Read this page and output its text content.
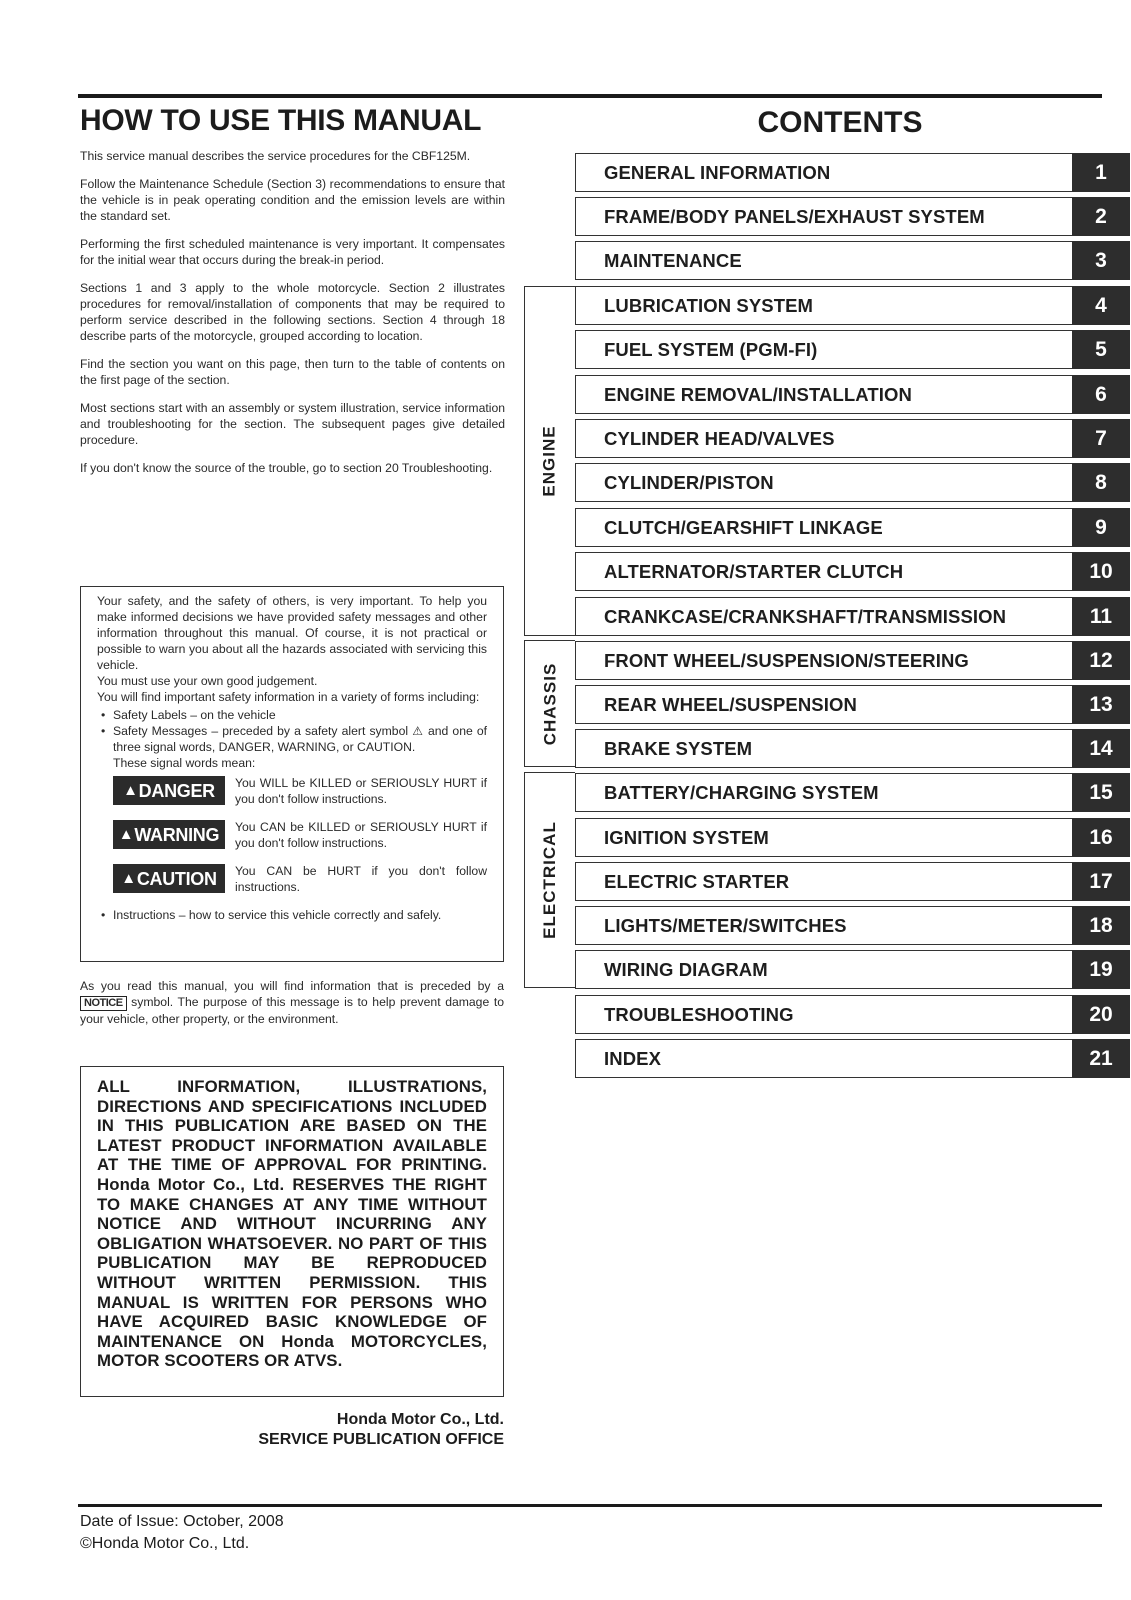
HOW TO USE THIS MANUAL

This service manual describes the service procedures for the CBF125M.

Follow the Maintenance Schedule (Section 3) recommendations to ensure that the vehicle is in peak operating condition and the emission levels are within the standard set.

Performing the first scheduled maintenance is very important. It compensates for the initial wear that occurs during the break-in period.

Sections 1 and 3 apply to the whole motorcycle. Section 2 illustrates procedures for removal/installation of components that may be required to perform service described in the following sections. Section 4 through 18 describe parts of the motorcycle, grouped according to location.

Find the section you want on this page, then turn to the table of contents on the first page of the section.

Most sections start with an assembly or system illustration, service information and troubleshooting for the section. The subsequent pages give detailed procedure.

If you don't know the source of the trouble, go to section 20 Troubleshooting.

Your safety, and the safety of others, is very important. To help you make informed decisions we have provided safety messages and other information throughout this manual. Of course, it is not practical or possible to warn you about all the hazards associated with servicing this vehicle.
You must use your own good judgement.
You will find important safety information in a variety of forms including:
• Safety Labels – on the vehicle
• Safety Messages – preceded by a safety alert symbol ⚠ and one of three signal words, DANGER, WARNING, or CAUTION.
These signal words mean:
▲ DANGER You WILL be KILLED or SERIOUSLY HURT if you don't follow instructions.
▲ WARNING You CAN be KILLED or SERIOUSLY HURT if you don't follow instructions.
▲ CAUTION You CAN be HURT if you don't follow instructions.
• Instructions – how to service this vehicle correctly and safely.
As you read this manual, you will find information that is preceded by a NOTICE symbol. The purpose of this message is to help prevent damage to your vehicle, other property, or the environment.

ALL INFORMATION, ILLUSTRATIONS, DIRECTIONS AND SPECIFICATIONS INCLUDED IN THIS PUBLICATION ARE BASED ON THE LATEST PRODUCT INFORMATION AVAILABLE AT THE TIME OF APPROVAL FOR PRINTING. Honda Motor Co., Ltd. RESERVES THE RIGHT TO MAKE CHANGES AT ANY TIME WITHOUT NOTICE AND WITHOUT INCURRING ANY OBLIGATION WHATSOEVER. NO PART OF THIS PUBLICATION MAY BE REPRODUCED WITHOUT WRITTEN PERMISSION. THIS MANUAL IS WRITTEN FOR PERSONS WHO HAVE ACQUIRED BASIC KNOWLEDGE OF MAINTENANCE ON Honda MOTORCYCLES, MOTOR SCOOTERS OR ATVS.

Honda Motor Co., Ltd.
SERVICE PUBLICATION OFFICE
Date of Issue: October, 2008
©Honda Motor Co., Ltd.
CONTENTS
ENGINE
CHASSIS
ELECTRICAL
GENERAL INFORMATION	1
FRAME/BODY PANELS/EXHAUST SYSTEM	2
MAINTENANCE	3
LUBRICATION SYSTEM	4
FUEL SYSTEM (PGM-FI)	5
ENGINE REMOVAL/INSTALLATION	6
CYLINDER HEAD/VALVES	7
CYLINDER/PISTON	8
CLUTCH/GEARSHIFT LINKAGE	9
ALTERNATOR/STARTER CLUTCH	10
CRANKCASE/CRANKSHAFT/TRANSMISSION	11
FRONT WHEEL/SUSPENSION/STEERING	12
REAR WHEEL/SUSPENSION	13
BRAKE SYSTEM	14
BATTERY/CHARGING SYSTEM	15
IGNITION SYSTEM	16
ELECTRIC STARTER	17
LIGHTS/METER/SWITCHES	18
WIRING DIAGRAM	19
TROUBLESHOOTING	20
INDEX	21
